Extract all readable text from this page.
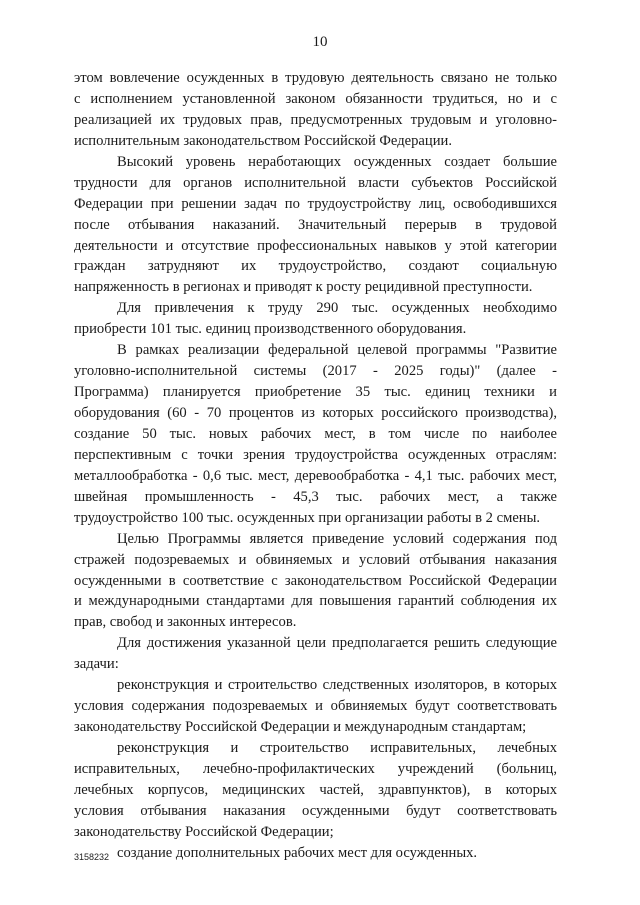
10
этом вовлечение осужденных в трудовую деятельность связано не только
с исполнением установленной законом обязанности трудиться, но и с
реализацией их трудовых прав, предусмотренных трудовым и уголовно-
исполнительным законодательством Российской Федерации.
Высокий уровень неработающих осужденных создает большие
трудности для органов исполнительной власти субъектов Российской
Федерации при решении задач по трудоустройству лиц, освободившихся
после отбывания наказаний. Значительный перерыв в трудовой
деятельности и отсутствие профессиональных навыков у этой категории
граждан затрудняют их трудоустройство, создают социальную
напряженность в регионах и приводят к росту рецидивной преступности.
Для привлечения к труду 290 тыс. осужденных необходимо
приобрести 101 тыс. единиц производственного оборудования.
В рамках реализации федеральной целевой программы "Развитие
уголовно-исполнительной системы (2017 - 2025 годы)" (далее -
Программа) планируется приобретение 35 тыс. единиц техники и
оборудования (60 - 70 процентов из которых российского производства),
создание 50 тыс. новых рабочих мест, в том числе по наиболее
перспективным с точки зрения трудоустройства осужденных отраслям:
металлообработка - 0,6 тыс. мест, деревообработка - 4,1 тыс. рабочих мест,
швейная промышленность - 45,3 тыс. рабочих мест, а также
трудоустройство 100 тыс. осужденных при организации работы в 2 смены.
Целью Программы является приведение условий содержания под
стражей подозреваемых и обвиняемых и условий отбывания наказания
осужденными в соответствие с законодательством Российской Федерации
и международными стандартами для повышения гарантий соблюдения их
прав, свобод и законных интересов.
Для достижения указанной цели предполагается решить следующие
задачи:
реконструкция и строительство следственных изоляторов, в которых
условия содержания подозреваемых и обвиняемых будут соответствовать
законодательству Российской Федерации и международным стандартам;
реконструкция и строительство исправительных, лечебных
исправительных, лечебно-профилактических учреждений (больниц,
лечебных корпусов, медицинских частей, здравпунктов), в которых
условия отбывания наказания осужденными будут соответствовать
законодательству Российской Федерации;
создание дополнительных рабочих мест для осужденных.
3158232
